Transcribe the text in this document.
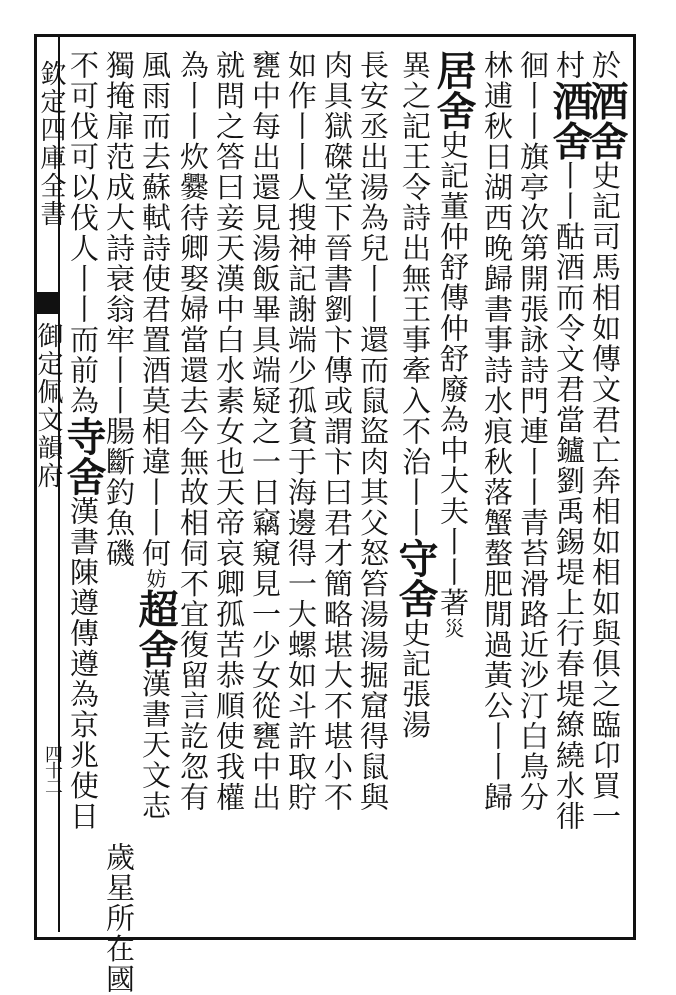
欽定四庫全書
御定佩文韻府
四十二
於酒舍史記司馬相如傳文君亡奔相如相如與俱之臨卬買一
村酒舍丨丨酤酒而令文君當鑪劉禹錫堤上行春堤繚繞水徘
徊丨丨旗亭次第開張詠詩門連丨丨青苔滑路近沙汀白鳥分
林逋秋日湖西晚歸書事詩水痕秋落蟹螯肥閒過黃公丨丨歸
居舍史記董仲舒傳仲舒廢為中大夫丨丨著災
異之記王令詩出無王事牽入不治丨丨守舍史記張湯
長安丞出湯為兒丨丨還而鼠盜肉其父怒笞湯湯掘窟得鼠與
肉具獄磔堂下晉書劉卞傳或謂卞曰君才簡略堪大不堪小不
如作丨丨人搜神記謝端少孤貧于海邊得一大螺如斗許取貯
甕中每出還見湯飯畢具端疑之一日竊窺見一少女從甕中出
就問之答曰妾天漢中白水素女也天帝哀卿孤苦恭順使我權
為丨丨炊爨待卿娶婦當還去今無故相伺不宜復留言訖忽有
風雨而去蘇軾詩使君置酒莫相違丨丨何妨超舍漢書天文志
獨掩扉范成大詩衰翁牢丨丨腸斷釣魚磯
歲星所在國
不可伐可以伐人丨丨而前為寺舍漢書陳遵傳遵為京兆使日
